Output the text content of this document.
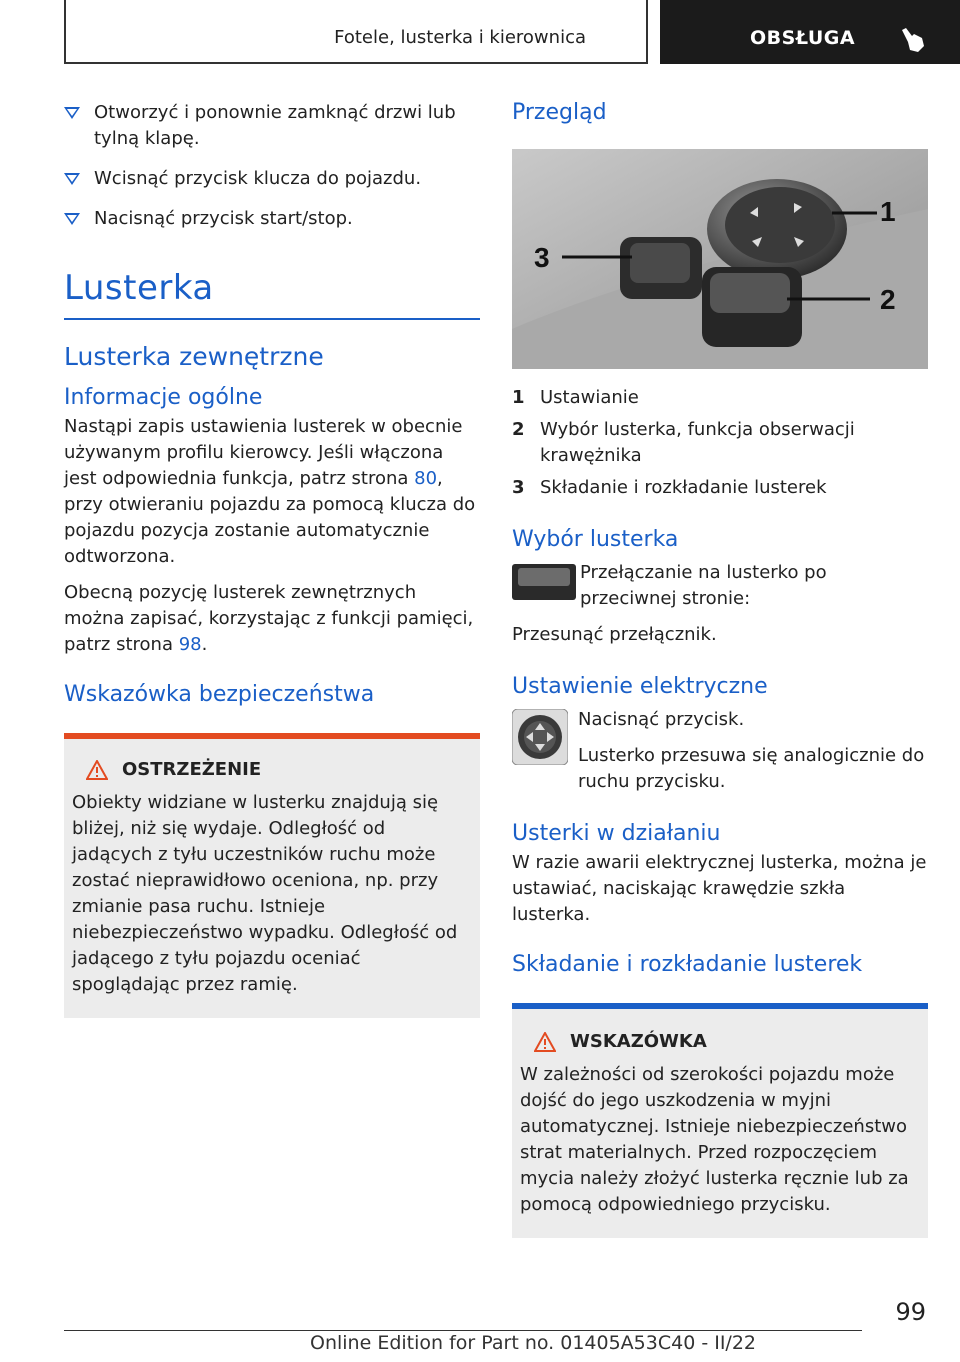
Fotele, lusterka i kierownica	OBSŁUGA
Otworzyć i ponownie zamknąć drzwi lub tylną klapę.
Wcisnąć przycisk klucza do pojazdu.
Nacisnąć przycisk start/stop.
Lusterka
Lusterka zewnętrzne
Informacje ogólne

Nastąpi zapis ustawienia lusterek w obecnie używanym profilu kierowcy. Jeśli włączona jest odpowiednia funkcja, patrz strona 80, przy otwieraniu pojazdu za pomocą klucza do pojazdu pozycja zostanie automatycznie odtworzona.

Obecną pozycję lusterek zewnętrznych można zapisać, korzystając z funkcji pamięci, patrz strona 98.

Wskazówka bezpieczeństwa
OSTRZEŻENIE
Obiekty widziane w lusterku znajdują się bliżej, niż się wydaje. Odległość od jadących z tyłu uczestników ruchu może zostać nieprawidłowo oceniona, np. przy zmianie pasa ruchu. Istnieje niebezpieczeństwo wypadku. Odległość od jadącego z tyłu pojazdu oceniać spoglądając przez ramię.
Przegląd
1
2
3
1 Ustawianie
2 Wybór lusterka, funkcja obserwacji krawężnika
3 Składanie i rozkładanie lusterek
Wybór lusterka

Przełączanie na lusterko po przeciwnej stronie:

Przesunąć przełącznik.

Ustawienie elektryczne

Nacisnąć przycisk.

Lusterko przesuwa się analogicznie do ruchu przycisku.

Usterki w działaniu

W razie awarii elektrycznej lusterka, można je ustawiać, naciskając krawędzie szkła lusterka.

Składanie i rozkładanie lusterek
WSKAZÓWKA
W zależności od szerokości pojazdu może dojść do jego uszkodzenia w myjni automatycznej. Istnieje niebezpieczeństwo strat materialnych. Przed rozpoczęciem mycia należy złożyć lusterka ręcznie lub za pomocą odpowiedniego przycisku.
99
Online Edition for Part no. 01405A53C40 - II/22
